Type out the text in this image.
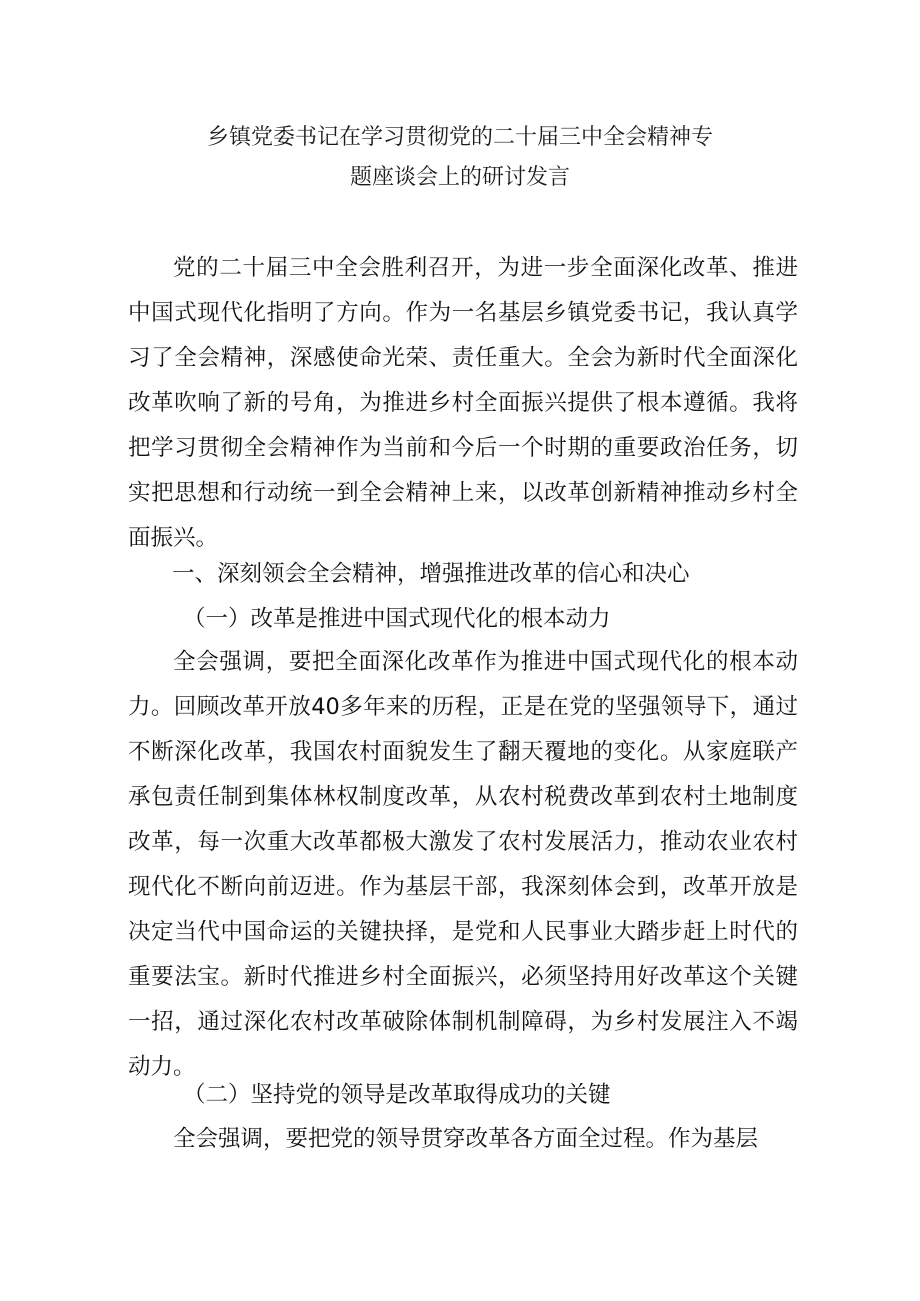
乡镇党委书记在学习贯彻党的二十届三中全会精神专
题座谈会上的研讨发言
党的二十届三中全会胜利召开，为进一步全面深化改革、推进中国式现代化指明了方向。作为一名基层乡镇党委书记，我认真学习了全会精神，深感使命光荣、责任重大。全会为新时代全面深化改革吹响了新的号角，为推进乡村全面振兴提供了根本遵循。我将把学习贯彻全会精神作为当前和今后一个时期的重要政治任务，切实把思想和行动统一到全会精神上来，以改革创新精神推动乡村全面振兴。
一、深刻领会全会精神，增强推进改革的信心和决心
（一）改革是推进中国式现代化的根本动力
全会强调，要把全面深化改革作为推进中国式现代化的根本动力。回顾改革开放40多年来的历程，正是在党的坚强领导下，通过不断深化改革，我国农村面貌发生了翻天覆地的变化。从家庭联产承包责任制到集体林权制度改革，从农村税费改革到农村土地制度改革，每一次重大改革都极大激发了农村发展活力，推动农业农村现代化不断向前迈进。作为基层干部，我深刻体会到，改革开放是决定当代中国命运的关键抉择，是党和人民事业大踏步赶上时代的重要法宝。新时代推进乡村全面振兴，必须坚持用好改革这个关键一招，通过深化农村改革破除体制机制障碍，为乡村发展注入不竭动力。
（二）坚持党的领导是改革取得成功的关键
全会强调，要把党的领导贯穿改革各方面全过程。作为基层
